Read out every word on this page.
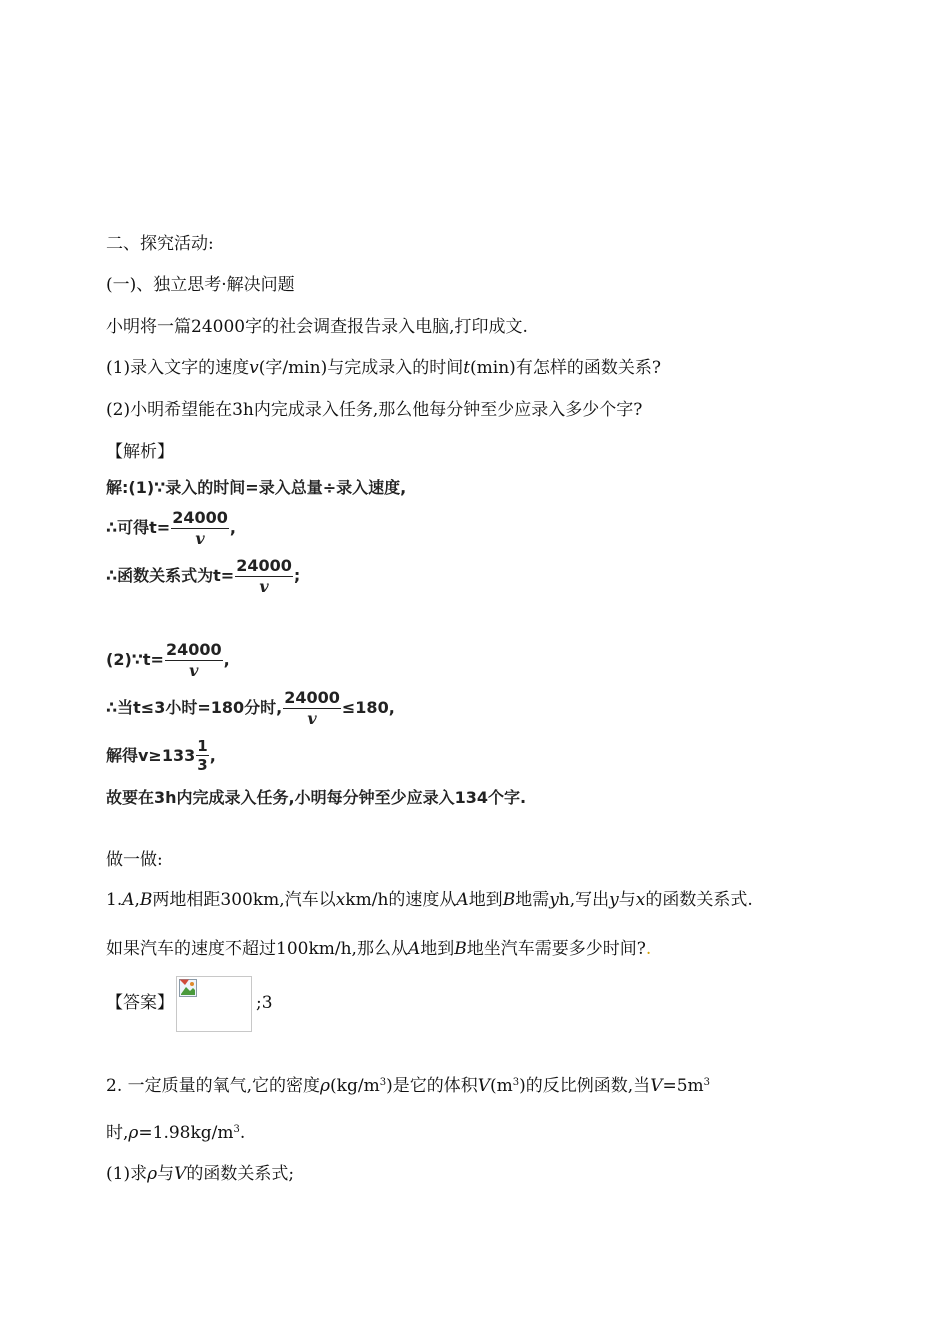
二、探究活动:
(一)、独立思考·解决问题
小明将一篇24000字的社会调查报告录入电脑,打印成文.
(1)录入文字的速度v(字/min)与完成录入的时间t(min)有怎样的函数关系?
(2)小明希望能在3h内完成录入任务,那么他每分钟至少应录入多少个字?
【解析】
解:(1)∵录入的时间=录入总量÷录入速度,
∴可得$t= \frac{24000}{v}$ ,
∴函数关系式为$t= \frac{24000}{v}$ ;
(2)∵t= $\frac{24000}{v}$ ,
∴当t≤3小时=180分时, $\frac{24000}{v} \le 180$,
解得$v\ge 133 \frac{1}{3}$ ,
故要在3h内完成录入任务,小明每分钟至少应录入134个字.
做一做:
1.A,B两地相距300km,汽车以xkm/h的速度从A地到B地需yh,写出y与x的函数关系式.
如果汽车的速度不超过100km/h,那么从A地到B地坐汽车需要多少时间?.
【答案】	;3
2. 一定质量的氧气,它的密度$\rho(kg/m^3)$是它的体积$V(m^3)$的反比例函数,当$V=5m^3$
时$,\rho=1.98kg/m^3$.
(1)求ρ与V的函数关系式;
